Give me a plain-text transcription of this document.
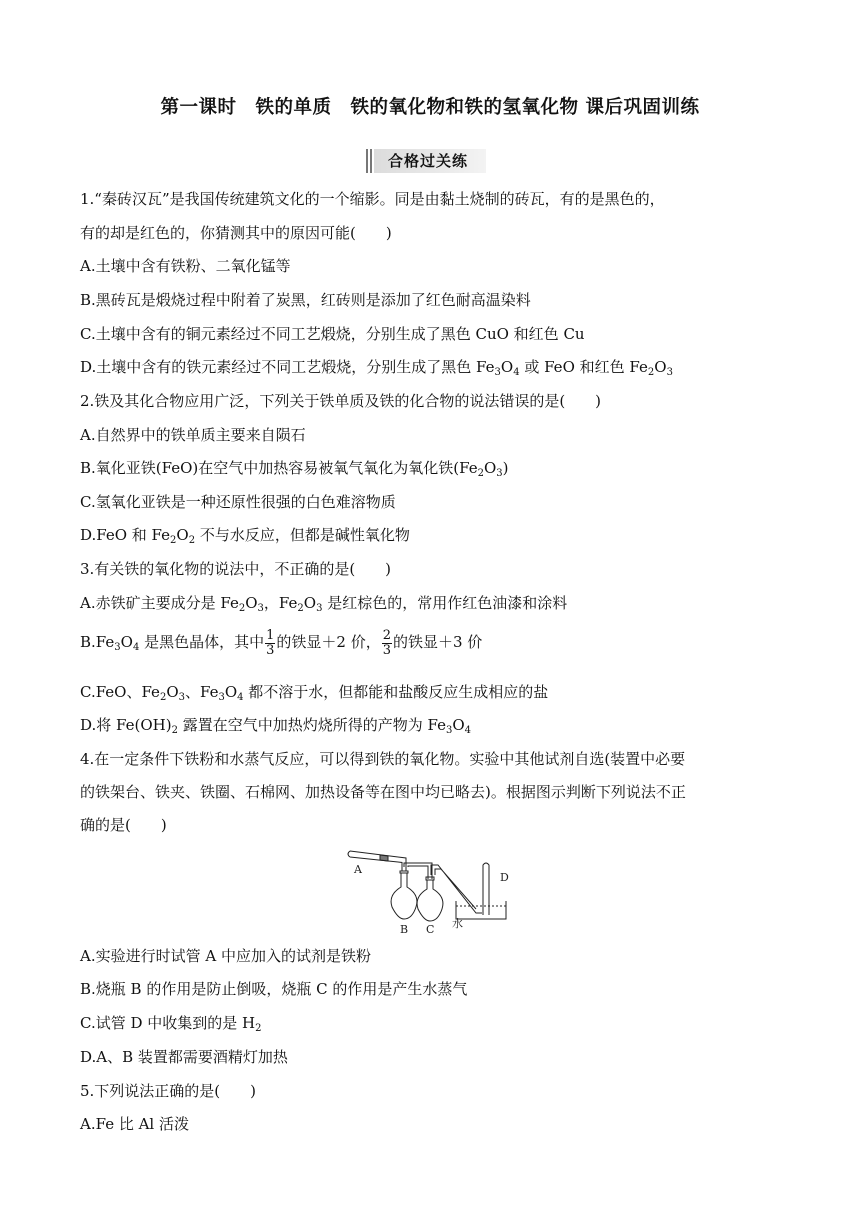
第一课时　铁的单质　铁的氧化物和铁的氢氧化物 课后巩固训练
合格过关练
1.“秦砖汉瓦”是我国传统建筑文化的一个缩影。同是由黏土烧制的砖瓦，有的是黑色的，
有的却是红色的，你猜测其中的原因可能(　　)
A.土壤中含有铁粉、二氧化锰等
B.黑砖瓦是煅烧过程中附着了炭黑，红砖则是添加了红色耐高温染料
C.土壤中含有的铜元素经过不同工艺煅烧，分别生成了黑色 CuO 和红色 Cu
D.土壤中含有的铁元素经过不同工艺煅烧，分别生成了黑色 $Fe_3O_4$ 或 FeO 和红色 $Fe_2O_3$
2.铁及其化合物应用广泛，下列关于铁单质及铁的化合物的说法错误的是(　　)
A.自然界中的铁单质主要来自陨石
B.氧化亚铁(FeO)在空气中加热容易被氧气氧化为氧化铁$(Fe_2O_3)$
C.氢氧化亚铁是一种还原性很强的白色难溶物质
D.FeO 和 $Fe_2O_2$ 不与水反应，但都是碱性氧化物
3.有关铁的氧化物的说法中，不正确的是(　　)
A.赤铁矿主要成分是 $Fe_2O_3$，$Fe_2O_3$ 是红棕色的，常用作红色油漆和涂料
$B.Fe_3O_4$ 是黑色晶体，其中 $\frac{1}{3}$ 的铁显＋2 价， $\frac{2}{3}$ 的铁显＋3 价
C.FeO、$Fe_2O_3$、$Fe_3O_4$ 都不溶于水，但都能和盐酸反应生成相应的盐
D.将 $Fe(OH)_2$ 露置在空气中加热灼烧所得的产物为 $Fe_3O_4$
4.在一定条件下铁粉和水蒸气反应，可以得到铁的氧化物。实验中其他试剂自选(装置中必要
的铁架台、铁夹、铁圈、石棉网、加热设备等在图中均已略去)。根据图示判断下列说法不正
确的是(　　)
A
B C
D
水
A.实验进行时试管 A 中应加入的试剂是铁粉
B.烧瓶 B 的作用是防止倒吸，烧瓶 C 的作用是产生水蒸气
C.试管 D 中收集到的是 $H_2$
D.A、B 装置都需要酒精灯加热
5.下列说法正确的是(　　)
A.Fe 比 Al 活泼
